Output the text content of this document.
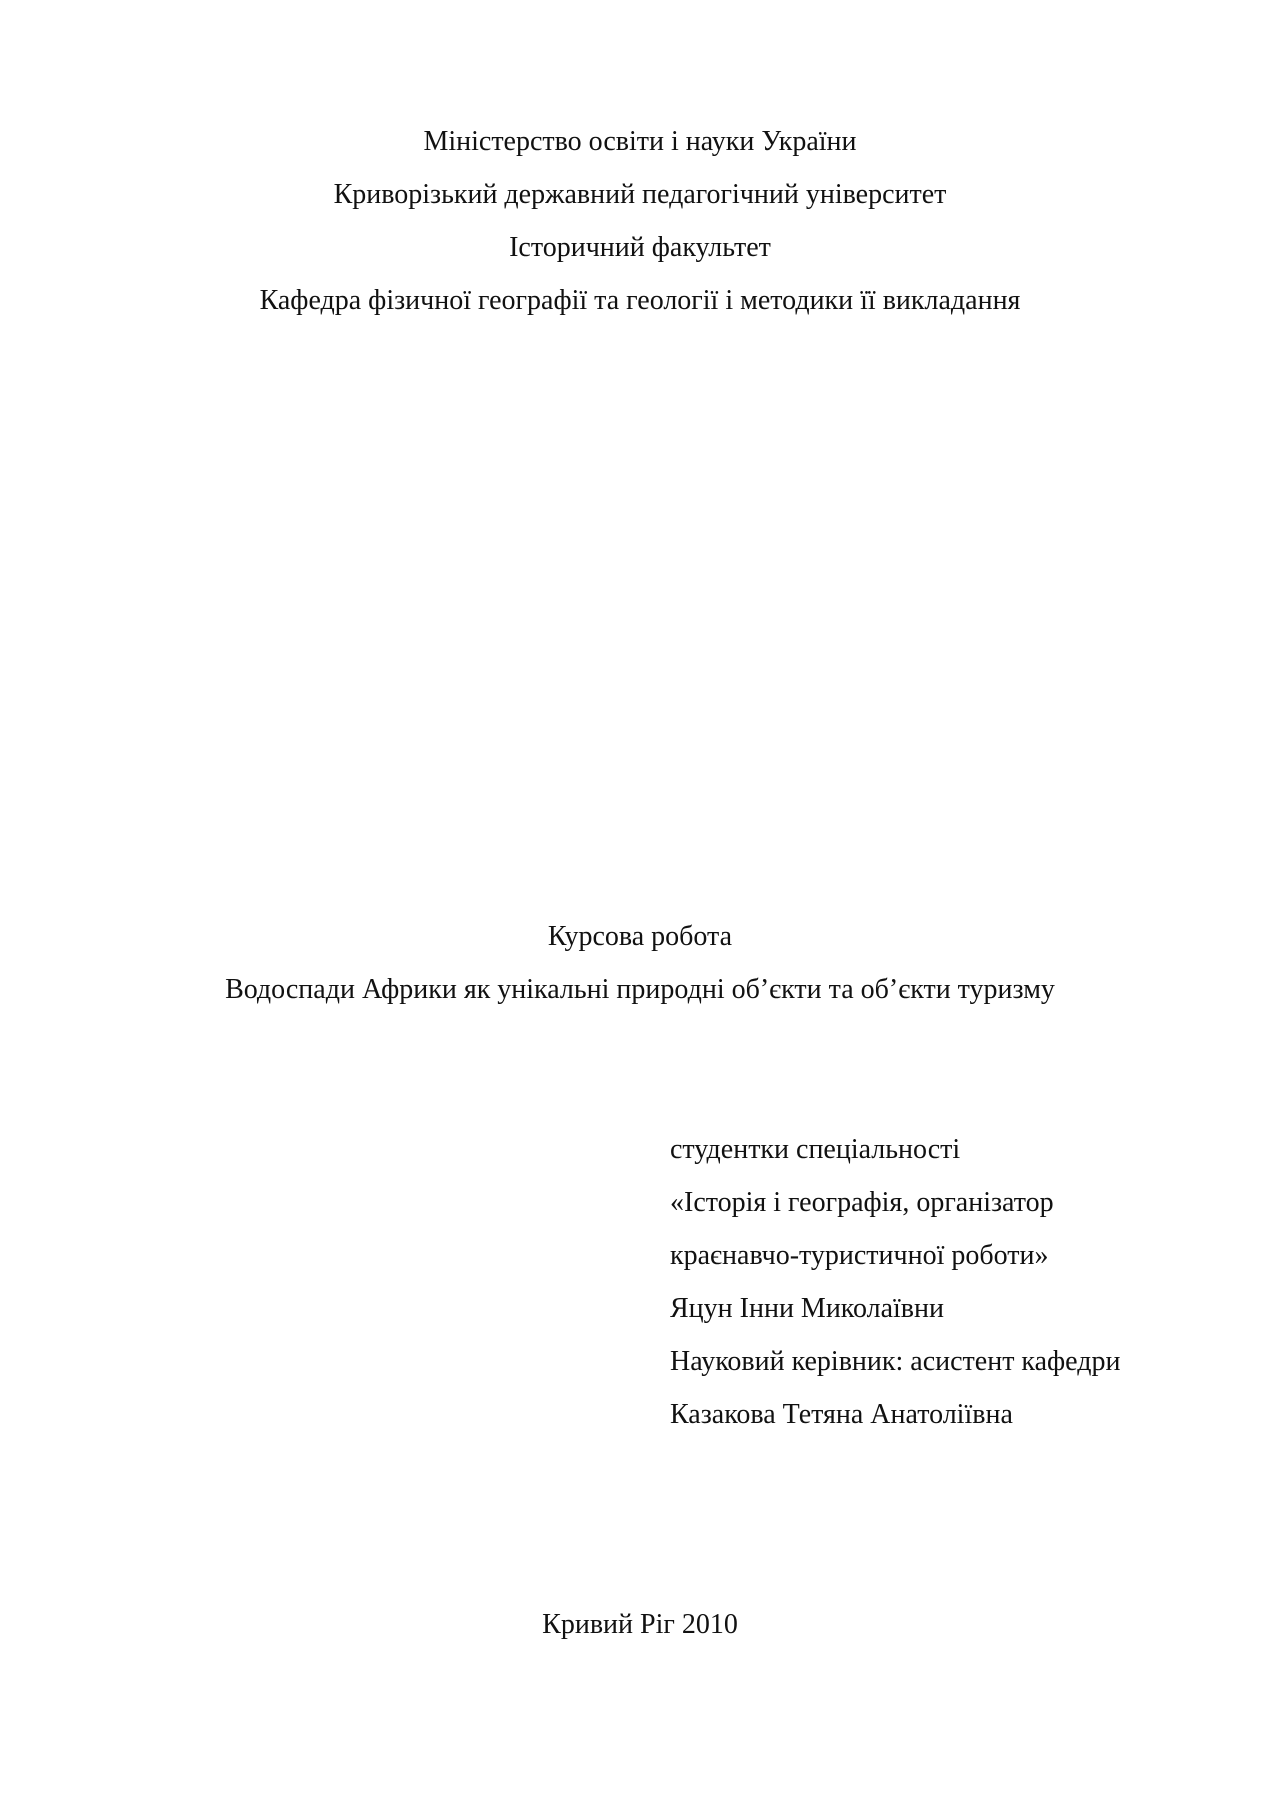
Міністерство освіти і науки України
Криворізький державний педагогічний університет
Історичний факультет
Кафедра фізичної географії та геології і методики її викладання
Курсова робота
Водоспади Африки як унікальні природні об’єкти та об’єкти туризму
студентки спеціальності
«Історія і географія, організатор
краєнавчо-туристичної роботи»
Яцун Інни Миколаївни
Науковий керівник: асистент кафедри
Казакова Тетяна Анатоліївна
Кривий Ріг 2010
